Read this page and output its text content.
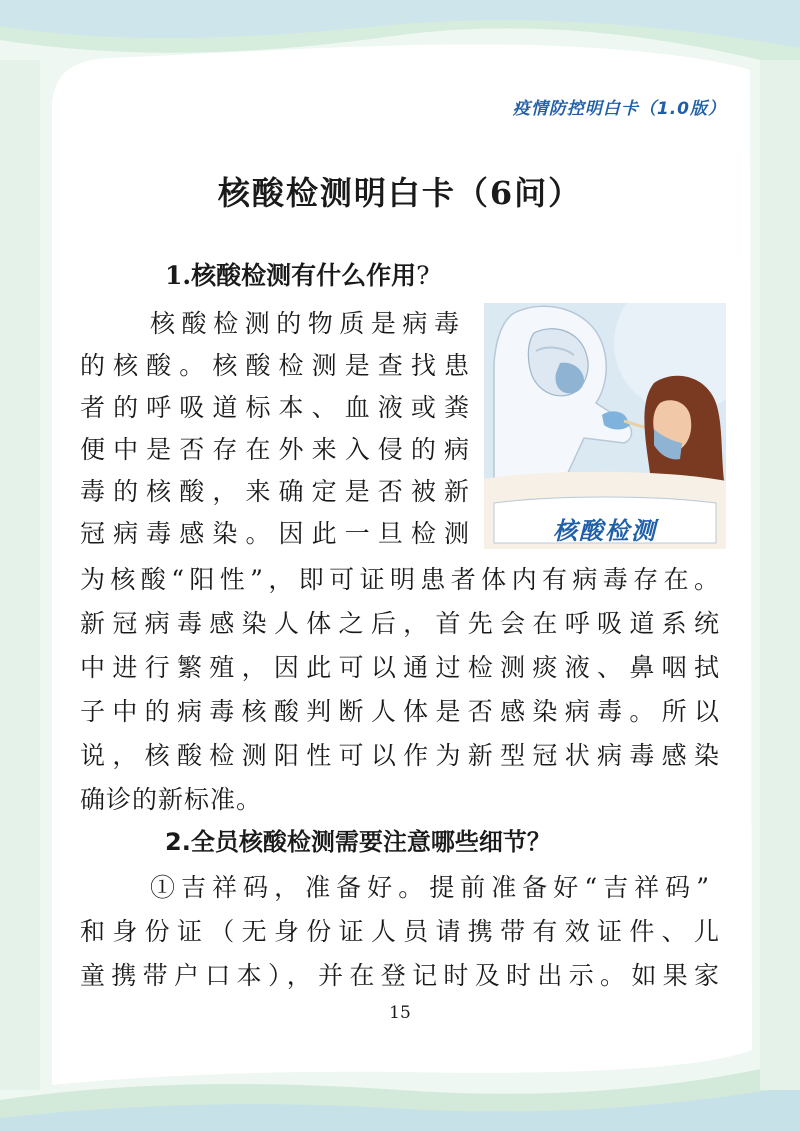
疫情防控明白卡（1.0版）
核酸检测明白卡（6问）
1.核酸检测有什么作用?
核酸检测
核酸检测的物质是病毒
的核酸。核酸检测是查找患
者的呼吸道标本、血液或粪
便中是否存在外来入侵的病
毒的核酸，来确定是否被新
冠病毒感染。因此一旦检测
为核酸“阳性”，即可证明患者体内有病毒存在。
新冠病毒感染人体之后，首先会在呼吸道系统
中进行繁殖，因此可以通过检测痰液、鼻咽拭
子中的病毒核酸判断人体是否感染病毒。所以
说，核酸检测阳性可以作为新型冠状病毒感染
确诊的新标准。
2.全员核酸检测需要注意哪些细节？
①吉祥码，准备好。提前准备好“吉祥码”
和身份证（无身份证人员请携带有效证件、儿
童携带户口本），并在登记时及时出示。如果家
15
